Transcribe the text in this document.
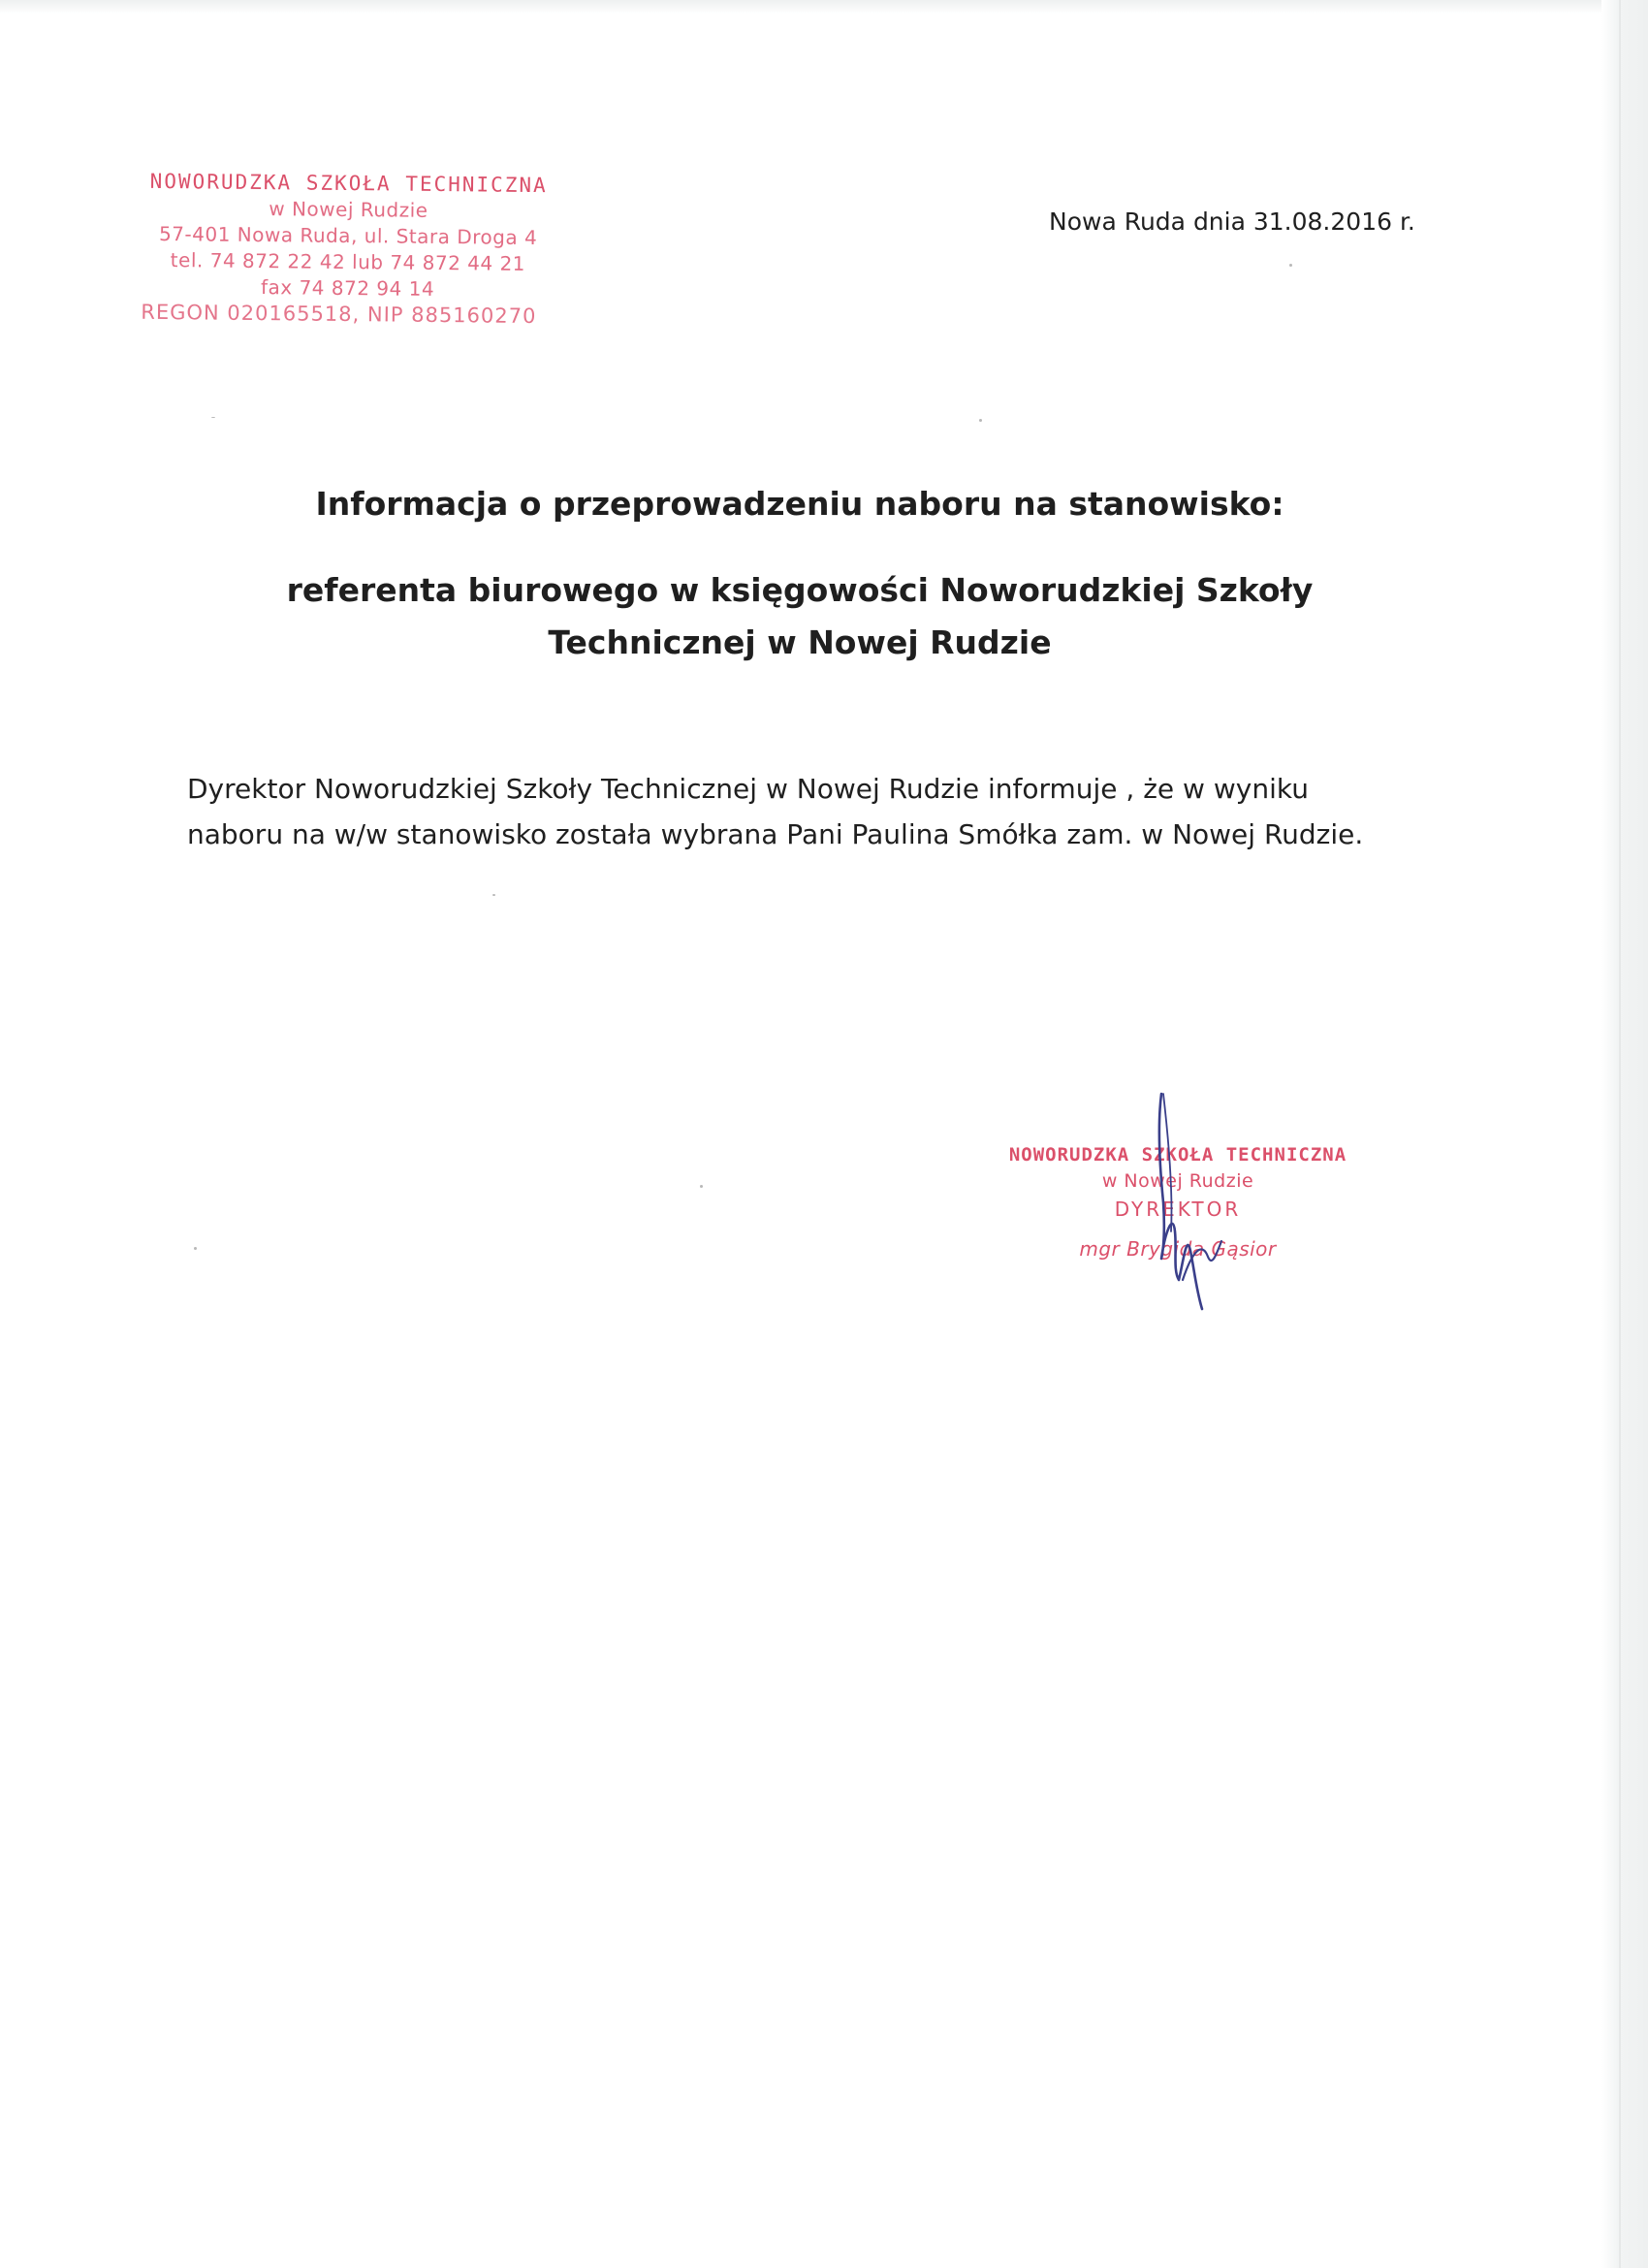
NOWORUDZKA SZKOŁA TECHNICZNA
w Nowej Rudzie
57-401 Nowa Ruda, ul. Stara Droga 4
tel. 74 872 22 42 lub 74 872 44 21
fax 74 872 94 14
REGON 020165518, NIP 885160270
Nowa Ruda dnia 31.08.2016 r.
Informacja o przeprowadzeniu naboru na stanowisko:
referenta biurowego w księgowości Noworudzkiej Szkoły Technicznej w Nowej Rudzie
Dyrektor Noworudzkiej Szkoły Technicznej w Nowej Rudzie informuje , że w wyniku naboru na w/w stanowisko została wybrana Pani Paulina Smółka zam. w Nowej Rudzie.
NOWORUDZKA SZKOŁA TECHNICZNA
w Nowej Rudzie
DYREKTOR
mgr Brygida Gąsior
